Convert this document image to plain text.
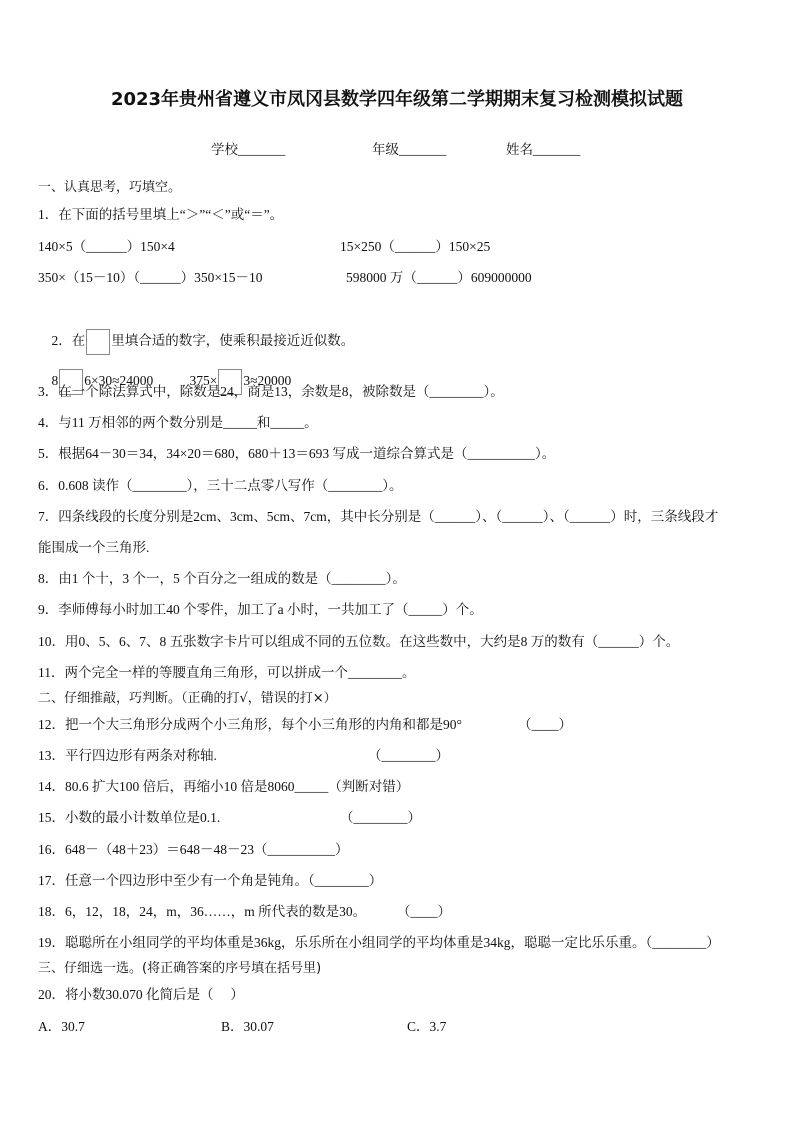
2023年贵州省遵义市凤冈县数学四年级第二学期期末复习检测模拟试题
学校_______	年级_______	姓名_______
一、认真思考，巧填空。
1．在下面的括号里填上“＞”“＜”或“＝”。
140×5（______）150×4	15×250（______）150×25
350×（15－10）（______）350×15－10	598000 万（______）609000000

2．在 里填合适的数字，使乘积最接近近似数。

8 6×30≈24000
	375× 3≈20000

3．在一个除法算式中，除数是24，商是13，余数是8，被除数是（________）。
4．与11 万相邻的两个数分别是_____和_____。
5．根据64－30＝34，34×20＝680，680＋13＝693 写成一道综合算式是（__________）。
6．0.608 读作（________），三十二点零八写作（________）。
7．四条线段的长度分别是2cm、3cm、5cm、7cm，其中长分别是（______）、（______）、（______）时，三条线段才
能围成一个三角形.
8．由1 个十，3 个一，5 个百分之一组成的数是（________）。
9．李师傅每小时加工40 个零件，加工了a 小时，一共加工了（_____）个。
10．用0、5、6、7、8 五张数字卡片可以组成不同的五位数。在这些数中，大约是8 万的数有（______）个。
11．两个完全一样的等腰直角三角形，可以拼成一个________。
二、仔细推敲，巧判断。（正确的打√，错误的打×）
12．把一个大三角形分成两个小三角形，每个小三角形的内角和都是90°	（____）
13．平行四边形有两条对称轴.	（________）
14．80.6 扩大100 倍后，再缩小10 倍是8060_____（判断对错）
15．小数的最小计数单位是0.1.	（________）
16．648－（48＋23）＝648－48－23（__________）
17．任意一个四边形中至少有一个角是钝角。（________）
18．6，12，18，24，m，36……，m 所代表的数是30。 （____）
19．聪聪所在小组同学的平均体重是36kg，乐乐所在小组同学的平均体重是34kg，聪聪一定比乐乐重。（________）
三、仔细选一选。(将正确答案的序号填在括号里)
20．将小数30.070 化简后是（     ）
A．30.7	B．30.07	C．3.7
